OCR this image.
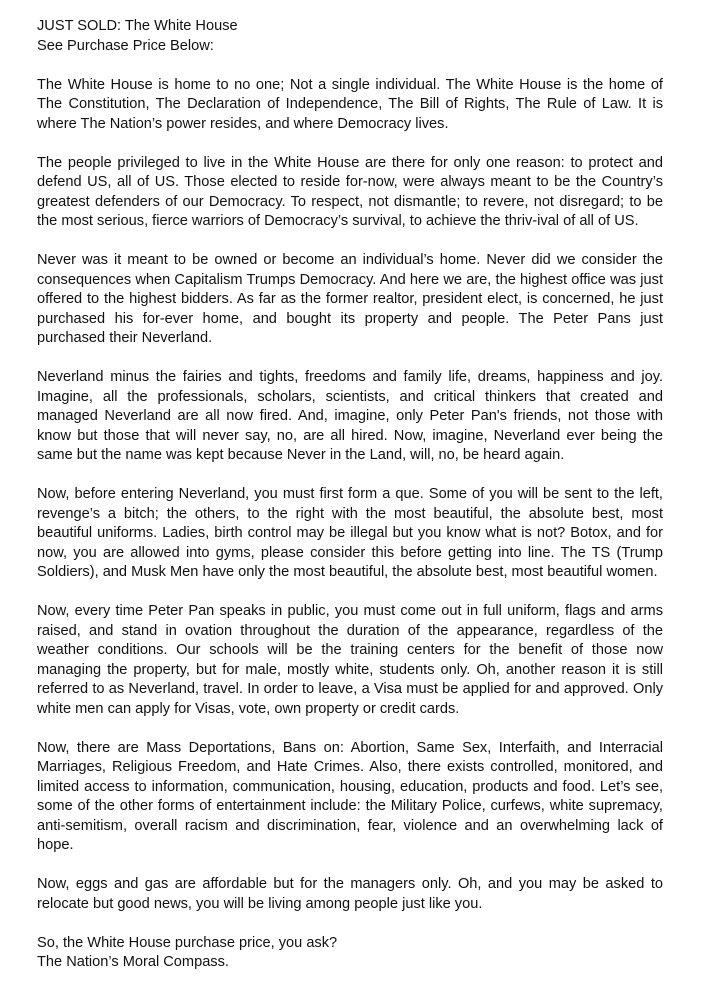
JUST SOLD: The White House

See Purchase Price Below:

The White House is home to no one; Not a single individual. The White House is the home of The Constitution, The Declaration of Independence, The Bill of Rights, The Rule of Law. It is where The Nation’s power resides, and where Democracy lives.

The people privileged to live in the White House are there for only one reason: to protect and defend US, all of US. Those elected to reside for-now, were always meant to be the Country’s greatest defenders of our Democracy. To respect, not dismantle; to revere, not disregard; to be the most serious, fierce warriors of Democracy’s survival, to achieve the thriv-ival of all of US.

Never was it meant to be owned or become an individual’s home. Never did we consider the consequences when Capitalism Trumps Democracy. And here we are, the highest office was just offered to the highest bidders. As far as the former realtor, president elect, is concerned, he just purchased his for-ever home, and bought its property and people. The Peter Pans just purchased their Neverland.

Neverland minus the fairies and tights, freedoms and family life, dreams, happiness and joy. Imagine, all the professionals, scholars, scientists, and critical thinkers that created and managed Neverland are all now fired. And, imagine, only Peter Pan's friends, not those with know but those that will never say, no, are all hired. Now, imagine, Neverland ever being the same but the name was kept because Never in the Land, will, no, be heard again.

Now, before entering Neverland, you must first form a que. Some of you will be sent to the left, revenge’s a bitch; the others, to the right with the most beautiful, the absolute best, most beautiful uniforms. Ladies, birth control may be illegal but you know what is not? Botox, and for now, you are allowed into gyms, please consider this before getting into line. The TS (Trump Soldiers), and Musk Men have only the most beautiful, the absolute best, most beautiful women.

Now, every time Peter Pan speaks in public, you must come out in full uniform, flags and arms raised, and stand in ovation throughout the duration of the appearance, regardless of the weather conditions. Our schools will be the training centers for the benefit of those now managing the property, but for male, mostly white, students only. Oh, another reason it is still referred to as Neverland, travel. In order to leave, a Visa must be applied for and approved. Only white men can apply for Visas, vote, own property or credit cards.

Now, there are Mass Deportations, Bans on: Abortion, Same Sex, Interfaith, and Interracial Marriages, Religious Freedom, and Hate Crimes. Also, there exists controlled, monitored, and limited access to information, communication, housing, education, products and food. Let’s see, some of the other forms of entertainment include: the Military Police, curfews, white supremacy, anti-semitism, overall racism and discrimination, fear, violence and an overwhelming lack of hope.

Now, eggs and gas are affordable but for the managers only. Oh, and you may be asked to relocate but good news, you will be living among people just like you.

So, the White House purchase price, you ask?

The Nation’s Moral Compass.
